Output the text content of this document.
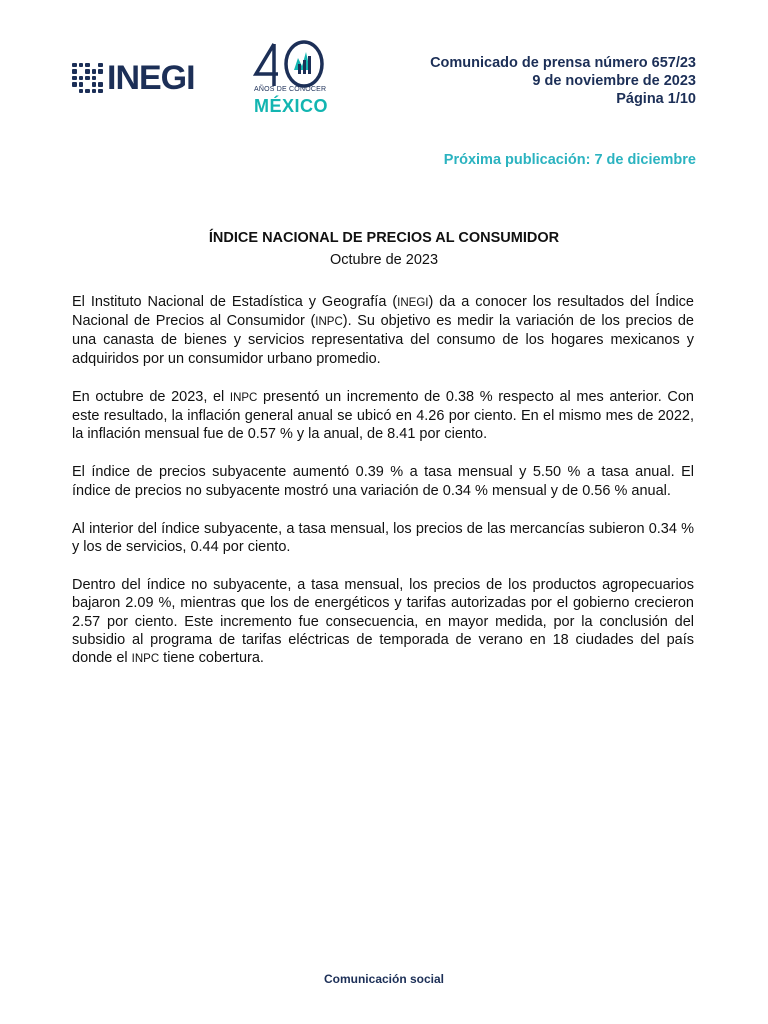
INEGI	AÑOS DE CONOCER
MÉXICO
Comunicado de prensa número 657/23
9 de noviembre de 2023
Página 1/10
Próxima publicación: 7 de diciembre
ÍNDICE NACIONAL DE PRECIOS AL CONSUMIDOR
Octubre de 2023

El Instituto Nacional de Estadística y Geografía (INEGI) da a conocer los resultados del Índice Nacional de Precios al Consumidor (INPC). Su objetivo es medir la variación de los precios de una canasta de bienes y servicios representativa del consumo de los hogares mexicanos y adquiridos por un consumidor urbano promedio.

En octubre de 2023, el INPC presentó un incremento de 0.38 % respecto al mes anterior. Con este resultado, la inflación general anual se ubicó en 4.26 por ciento. En el mismo mes de 2022, la inflación mensual fue de 0.57 % y la anual, de 8.41 por ciento.

El índice de precios subyacente aumentó 0.39 % a tasa mensual y 5.50 % a tasa anual. El índice de precios no subyacente mostró una variación de 0.34 % mensual y de 0.56 % anual.

Al interior del índice subyacente, a tasa mensual, los precios de las mercancías subieron 0.34 % y los de servicios, 0.44 por ciento.

Dentro del índice no subyacente, a tasa mensual, los precios de los productos agropecuarios bajaron 2.09 %, mientras que los de energéticos y tarifas autorizadas por el gobierno crecieron 2.57 por ciento. Este incremento fue consecuencia, en mayor medida, por la conclusión del subsidio al programa de tarifas eléctricas de temporada de verano en 18 ciudades del país donde el INPC tiene cobertura.

Comunicación social
